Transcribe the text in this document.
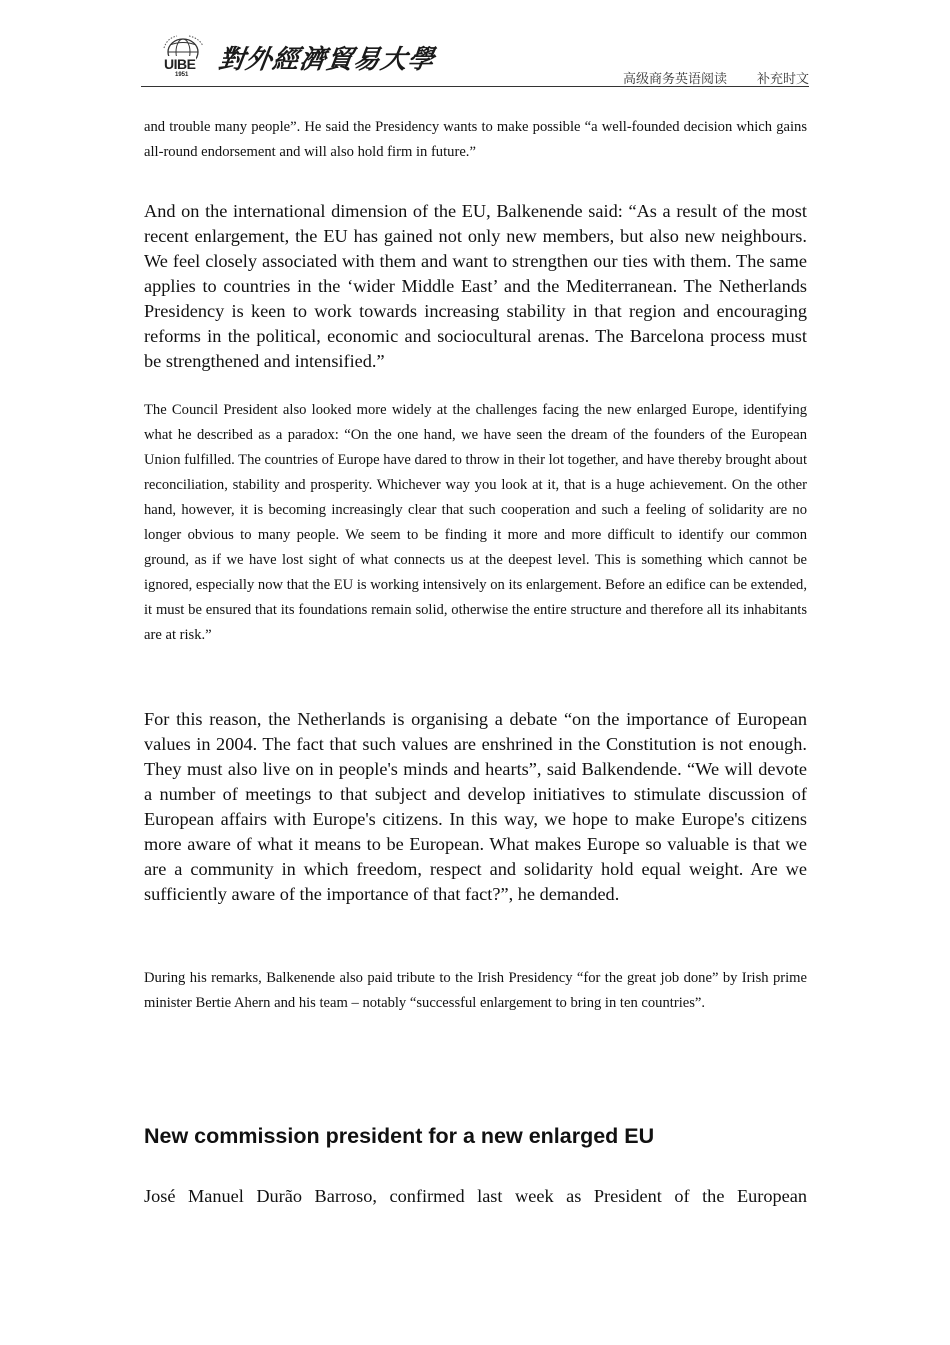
UIBE
1951
對外經濟貿易大學
高级商务英语阅读 补充时文

and trouble many people”. He said the Presidency wants to make possible “a well-founded decision which gains all-round endorsement and will also hold firm in future.”

And on the international dimension of the EU, Balkenende said: “As a result of the most recent enlargement, the EU has gained not only new members, but also new neighbours. We feel closely associated with them and want to strengthen our ties with them. The same applies to countries in the ‘wider Middle East’ and the Mediterranean. The Netherlands Presidency is keen to work towards increasing stability in that region and encouraging reforms in the political, economic and sociocultural arenas. The Barcelona process must be strengthened and intensified.”

The Council President also looked more widely at the challenges facing the new enlarged Europe, identifying what he described as a paradox: “On the one hand, we have seen the dream of the founders of the European Union fulfilled. The countries of Europe have dared to throw in their lot together, and have thereby brought about reconciliation, stability and prosperity. Whichever way you look at it, that is a huge achievement. On the other hand, however, it is becoming increasingly clear that such cooperation and such a feeling of solidarity are no longer obvious to many people. We seem to be finding it more and more difficult to identify our common ground, as if we have lost sight of what connects us at the deepest level. This is something which cannot be ignored, especially now that the EU is working intensively on its enlargement. Before an edifice can be extended, it must be ensured that its foundations remain solid, otherwise the entire structure and therefore all its inhabitants are at risk.”

For this reason, the Netherlands is organising a debate “on the importance of European values in 2004. The fact that such values are enshrined in the Constitution is not enough. They must also live on in people's minds and hearts”, said Balkendende. “We will devote a number of meetings to that subject and develop initiatives to stimulate discussion of European affairs with Europe's citizens. In this way, we hope to make Europe's citizens more aware of what it means to be European. What makes Europe so valuable is that we are a community in which freedom, respect and solidarity hold equal weight. Are we sufficiently aware of the importance of that fact?”, he demanded.

During his remarks, Balkenende also paid tribute to the Irish Presidency “for the great job done” by Irish prime minister Bertie Ahern and his team – notably “successful enlargement to bring in ten countries”.

New commission president for a new enlarged EU

José Manuel Durão Barroso, confirmed last week as President of the European
